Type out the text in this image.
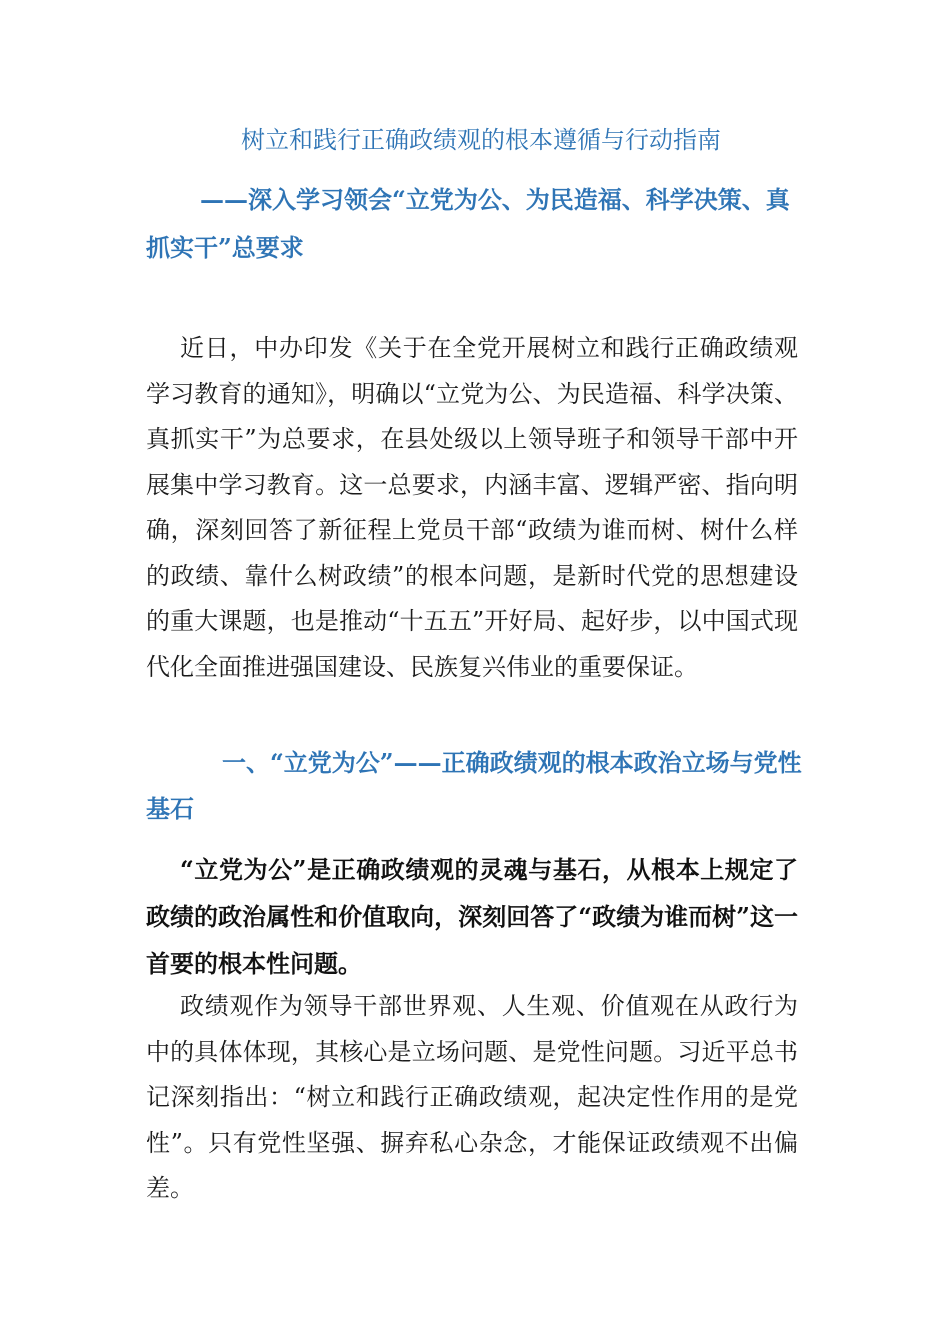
树立和践行正确政绩观的根本遵循与行动指南
——深入学习领会“立党为公、为民造福、科学决策、真抓实干”总要求
近日，中办印发《关于在全党开展树立和践行正确政绩观学习教育的通知》，明确以“立党为公、为民造福、科学决策、真抓实干”为总要求，在县处级以上领导班子和领导干部中开展集中学习教育。这一总要求，内涵丰富、逻辑严密、指向明确，深刻回答了新征程上党员干部“政绩为谁而树、树什么样的政绩、靠什么树政绩”的根本问题，是新时代党的思想建设的重大课题，也是推动“十五五”开好局、起好步，以中国式现代化全面推进强国建设、民族复兴伟业的重要保证。
一、“立党为公”——正确政绩观的根本政治立场与党性基石
“立党为公”是正确政绩观的灵魂与基石，从根本上规定了政绩的政治属性和价值取向，深刻回答了“政绩为谁而树”这一首要的根本性问题。
政绩观作为领导干部世界观、人生观、价值观在从政行为中的具体体现，其核心是立场问题、是党性问题。习近平总书记深刻指出：“树立和践行正确政绩观，起决定性作用的是党性”。只有党性坚强、摒弃私心杂念，才能保证政绩观不出偏差。
